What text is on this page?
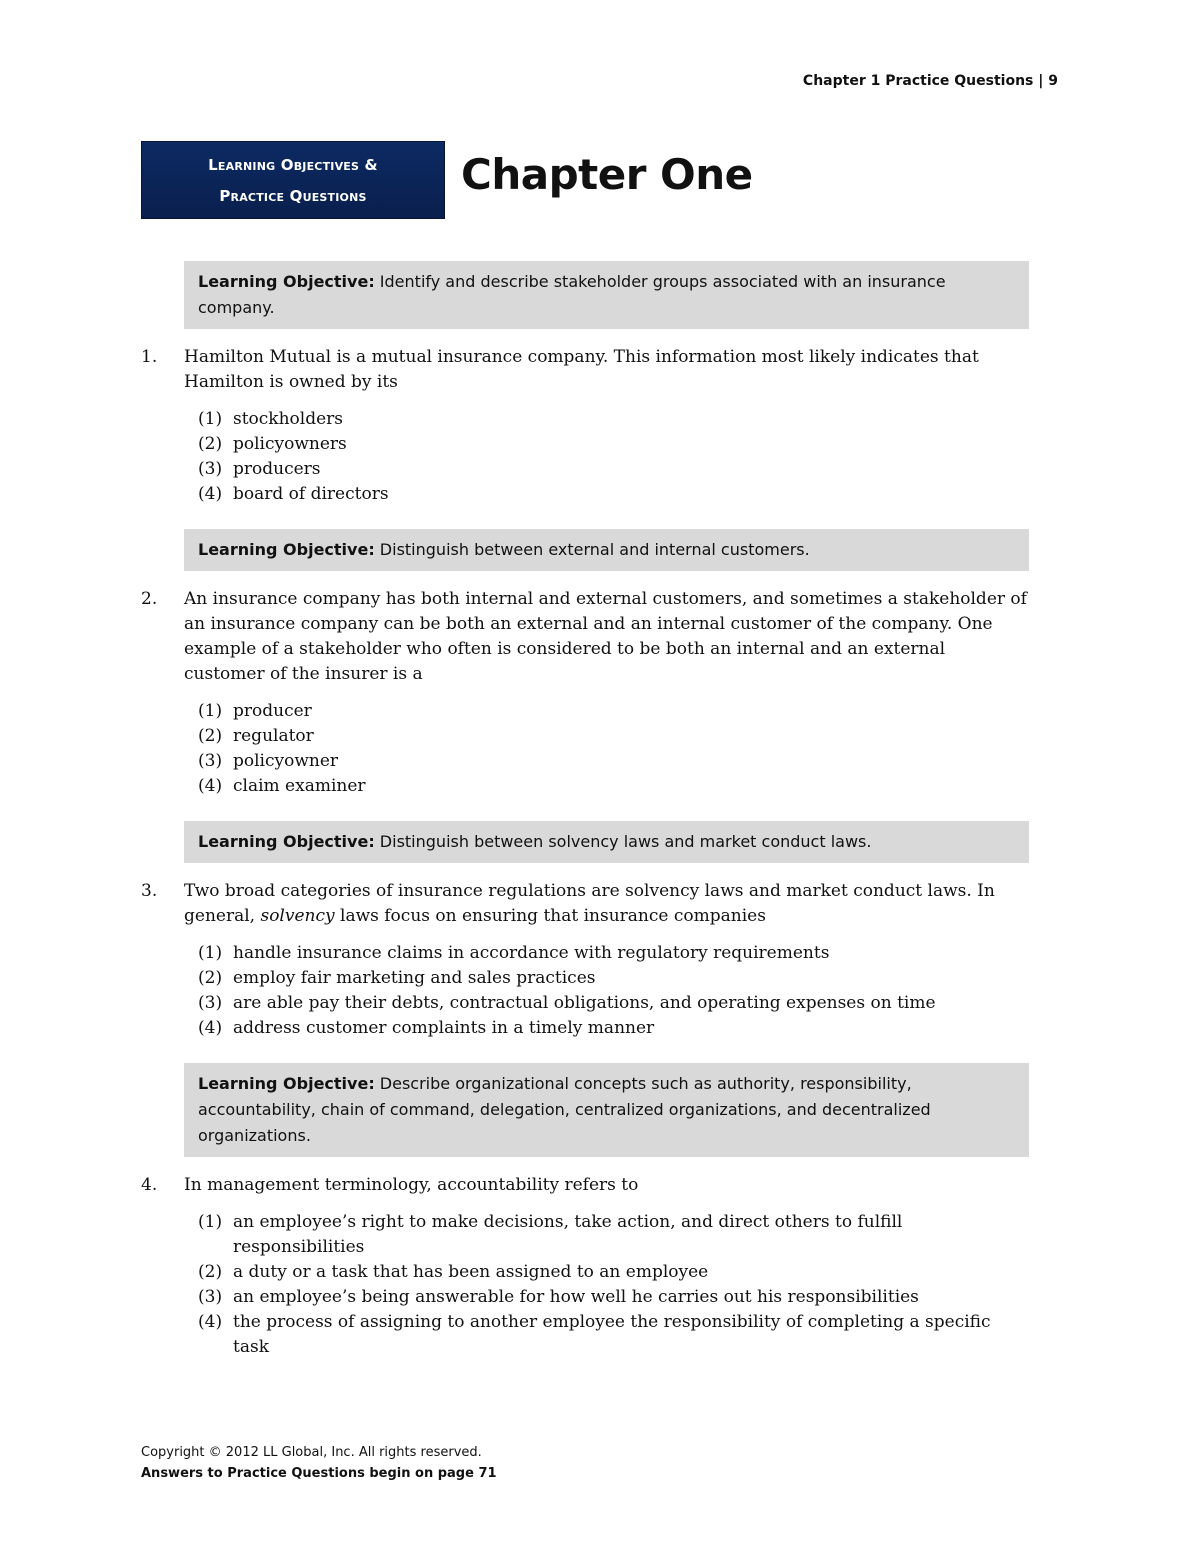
Chapter 1 Practice Questions | 9
Learning Objectives &
Practice Questions	Chapter One
Learning Objective: Identify and describe stakeholder groups associated with an insurance company.
1. Hamilton Mutual is a mutual insurance company. This information most likely indicates that Hamilton is owned by its
(1) stockholders
(2) policyowners
(3) producers
(4) board of directors
Learning Objective: Distinguish between external and internal customers.
2. An insurance company has both internal and external customers, and sometimes a stakeholder of an insurance company can be both an external and an internal customer of the company. One example of a stakeholder who often is considered to be both an internal and an external customer of the insurer is a
(1) producer
(2) regulator
(3) policyowner
(4) claim examiner
Learning Objective: Distinguish between solvency laws and market conduct laws.
3. Two broad categories of insurance regulations are solvency laws and market conduct laws. In general, solvency laws focus on ensuring that insurance companies
(1) handle insurance claims in accordance with regulatory requirements
(2) employ fair marketing and sales practices
(3) are able pay their debts, contractual obligations, and operating expenses on time
(4) address customer complaints in a timely manner
Learning Objective: Describe organizational concepts such as authority, responsibility, accountability, chain of command, delegation, centralized organizations, and decentralized organizations.
4. In management terminology, accountability refers to
(1) an employee’s right to make decisions, take action, and direct others to fulfill responsibilities
(2) a duty or a task that has been assigned to an employee
(3) an employee’s being answerable for how well he carries out his responsibilities
(4) the process of assigning to another employee the responsibility of completing a specific task
Copyright © 2012 LL Global, Inc. All rights reserved.
Answers to Practice Questions begin on page 71
